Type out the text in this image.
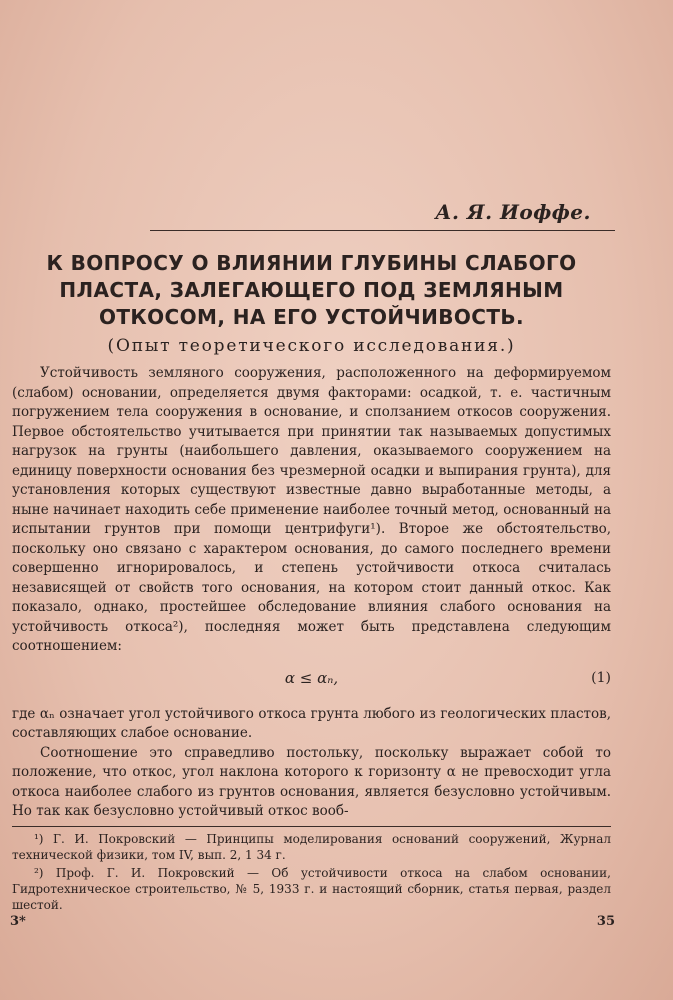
А. Я. Иоффе.
К ВОПРОСУ О ВЛИЯНИИ ГЛУБИНЫ СЛАБОГО ПЛАСТА, ЗАЛЕГАЮЩЕГО ПОД ЗЕМЛЯНЫМ ОТКОСОМ, НА ЕГО УСТОЙЧИВОСТЬ.
(Опыт теоретического исследования.)

Устойчивость земляного сооружения, расположенного на деформируемом (слабом) основании, определяется двумя факторами: осадкой, т. е. частичным погружением тела сооружения в основание, и сползанием откосов сооружения. Первое обстоятельство учитывается при принятии так называемых допустимых нагрузок на грунты (наибольшего давления, оказываемого сооружением на единицу поверхности основания без чрезмерной осадки и выпирания грунта), для установления которых существуют известные давно выработанные методы, а ныне начинает находить себе применение наиболее точный метод, основанный на испытании грунтов при помощи центрифуги¹). Второе же обстоятельство, поскольку оно связано с характером основания, до самого последнего времени совершенно игнорировалось, и степень устойчивости откоса считалась независящей от свойств того основания, на котором стоит данный откос. Как показало, однако, простейшее обследование влияния слабого основания на устойчивость откоса²), последняя может быть представлена следующим соотношением:

α ≤ αₙ,	(1)

где αₙ означает угол устойчивого откоса грунта любого из геологических пластов, составляющих слабое основание.

Соотношение это справедливо постольку, поскольку выражает собой то положение, что откос, угол наклона которого к горизонту α не превосходит угла откоса наиболее слабого из грунтов основания, является безусловно устойчивым. Но так как безусловно устойчивый откос вооб-

¹) Г. И. Покровский — Принципы моделирования оснований сооружений, Журнал технической физики, том IV, вып. 2, 1 34 г.

²) Проф. Г. И. Покровский — Об устойчивости откоса на слабом основании, Гидротехническое строительство, № 5, 1933 г. и настоящий сборник, статья первая, раздел шестой.

3*	35
